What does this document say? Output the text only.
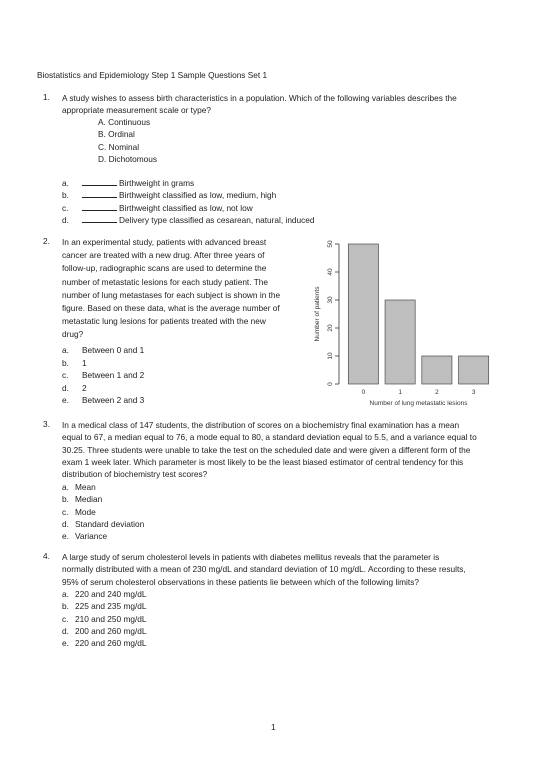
Biostatistics and Epidemiology Step 1 Sample Questions Set 1
1. A study wishes to assess birth characteristics in a population. Which of the following variables describes the
appropriate measurement scale or type?
A. Continuous
B. Ordinal
C. Nominal
D. Dichotomous
a.	Birthweight in grams
b.	Birthweight classified as low, medium, high
c.	Birthweight classified as low, not low
d.	Delivery type classified as cesarean, natural, induced
2. In an experimental study, patients with advanced breast
cancer are treated with a new drug. After three years of
follow-up, radiographic scans are used to determine the
number of metastatic lesions for each study patient. The
number of lung metastases for each subject is shown in the
figure. Based on these data, what is the average number of
metastatic lung lesions for patients treated with the new
drug?
a. Between 0 and 1
b. 1
c. Between 1 and 2
d. 2
e. Between 2 and 3
0
10
20
30
40
50
Number of patients
0	1	2	3
Number of lung metastatic lesions
3. In a medical class of 147 students, the distribution of scores on a biochemistry final examination has a mean
equal to 67, a median equal to 76, a mode equal to 80, a standard deviation equal to 5.5, and a variance equal to
30.25. Three students were unable to take the test on the scheduled date and were given a different form of the
exam 1 week later. Which parameter is most likely to be the least biased estimator of central tendency for this
distribution of biochemistry test scores?
a. Mean
b. Median
c. Mode
d. Standard deviation
e. Variance
4. A large study of serum cholesterol levels in patients with diabetes mellitus reveals that the parameter is
normally distributed with a mean of 230 mg/dL and standard deviation of 10 mg/dL. According to these results,
95% of serum cholesterol observations in these patients lie between which of the following limits?
a. 220 and 240 mg/dL
b. 225 and 235 mg/dL
c. 210 and 250 mg/dL
d. 200 and 260 mg/dL
e. 220 and 260 mg/dL
1
